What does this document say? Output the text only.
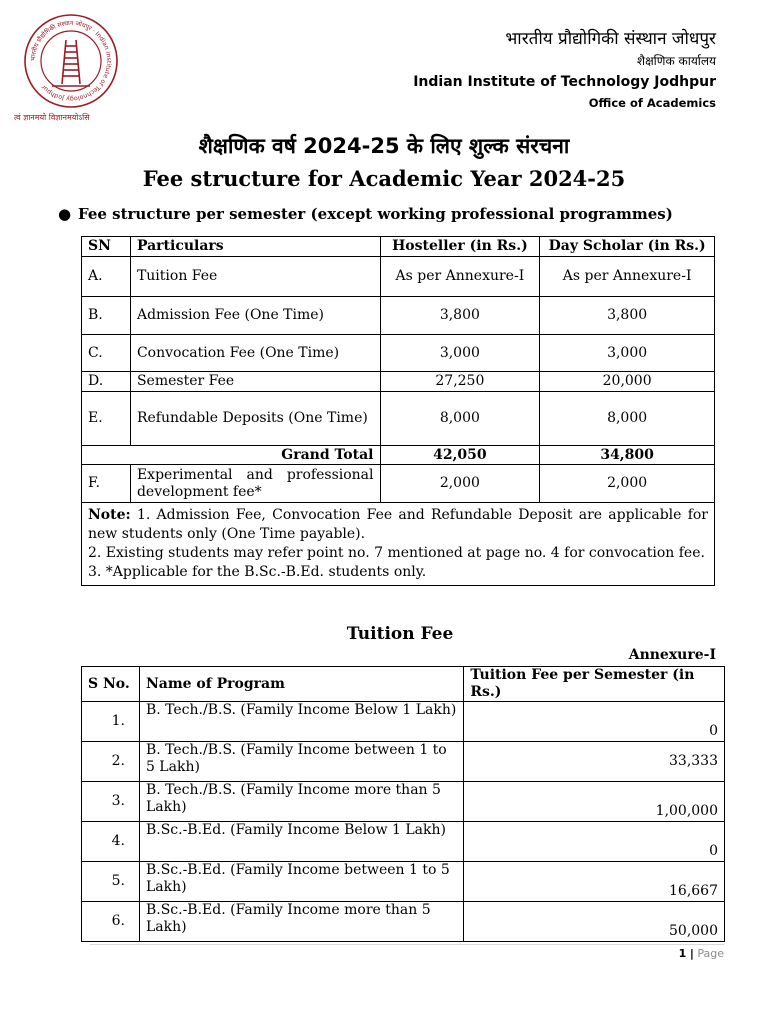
भारतीय प्रौद्योगिकी संस्थान जोधपुर · Indian Institute of Technology Jodhpur
त्वं ज्ञानमयो विज्ञानमयोऽसि
भारतीय प्रौद्योगिकी संस्थान जोधपुर
शैक्षणिक कार्यालय
Indian Institute of Technology Jodhpur
Office of Academics
शैक्षणिक वर्ष 2024-25 के लिए शुल्क संरचना
Fee structure for Academic Year 2024-25
● Fee structure per semester (except working professional programmes)
SN	Particulars	Hosteller (in Rs.)	Day Scholar (in Rs.)
A.	Tuition Fee	As per Annexure-I	As per Annexure-I
B.	Admission Fee (One Time)	3,800	3,800
C.	Convocation Fee (One Time)	3,000	3,000
D.	Semester Fee	27,250	20,000
E.	Refundable Deposits (One Time)	8,000	8,000
Grand Total		42,050	34,800
F.	Experimental and professional development fee*	2,000	2,000

Note: 1. Admission Fee, Convocation Fee and Refundable Deposit are applicable for new students only (One Time payable).
2. Existing students may refer point no. 7 mentioned at page no. 4 for convocation fee.
3. *Applicable for the B.Sc.-B.Ed. students only.			
Tuition Fee
Annexure-I
S No.	Name of Program	Tuition Fee per Semester (in Rs.)
1.	B. Tech./B.S. (Family Income Below 1 Lakh)	0
2.	B. Tech./B.S. (Family Income between 1 to 5 Lakh)	33,333
3.	B. Tech./B.S. (Family Income more than 5 Lakh)	1,00,000
4.	B.Sc.-B.Ed. (Family Income Below 1 Lakh)	0
5.	B.Sc.-B.Ed. (Family Income between 1 to 5 Lakh)	16,667
6.	B.Sc.-B.Ed. (Family Income more than 5 Lakh)	50,000
1 | Page
